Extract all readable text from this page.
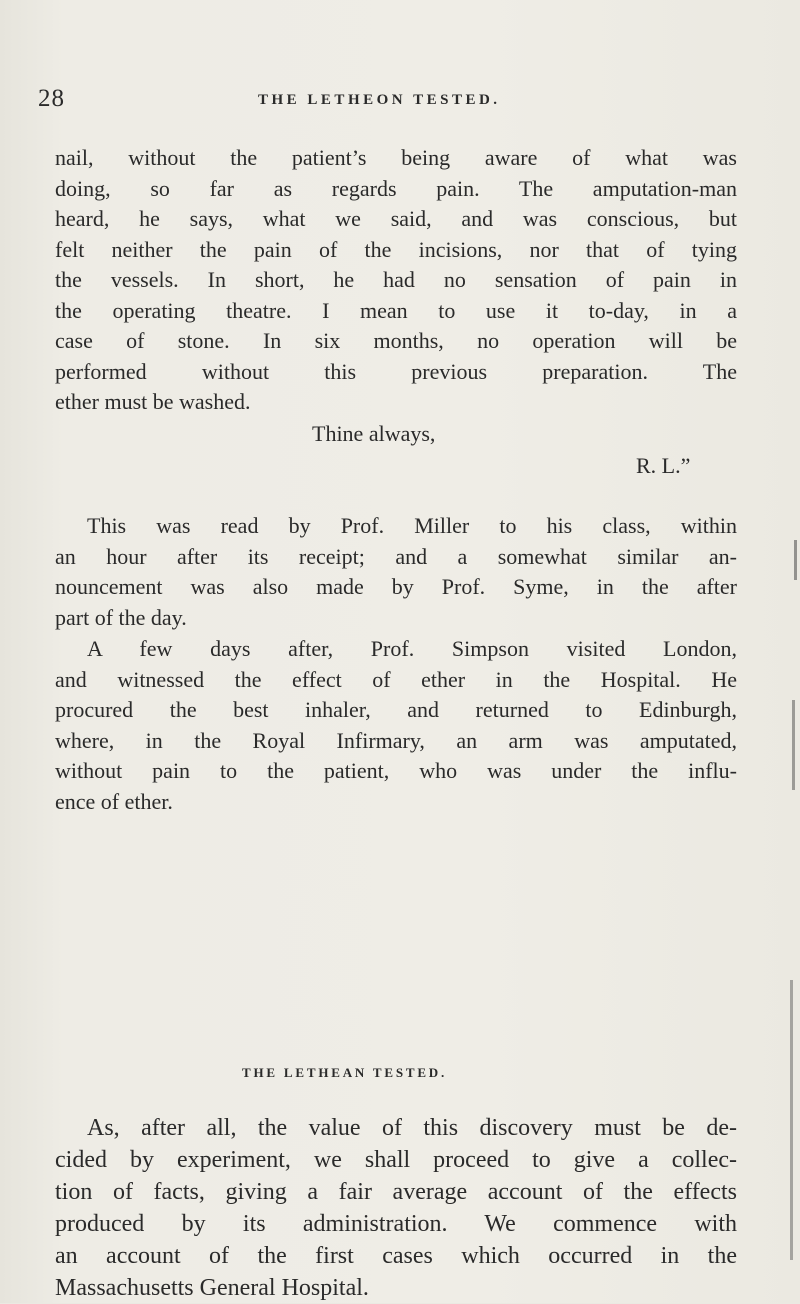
28	THE LETHEON TESTED.
nail, without the patient’s being aware of what was
doing, so far as regards pain. The amputation-man
heard, he says, what we said, and was conscious, but
felt neither the pain of the incisions, nor that of tying
the vessels. In short, he had no sensation of pain in
the operating theatre. I mean to use it to-day, in a
case of stone. In six months, no operation will be
performed without this previous preparation. The
ether must be washed.
Thine always,
R. L.”
This was read by Prof. Miller to his class, within
an hour after its receipt; and a somewhat similar an-
nouncement was also made by Prof. Syme, in the after
part of the day.
A few days after, Prof. Simpson visited London,
and witnessed the effect of ether in the Hospital. He
procured the best inhaler, and returned to Edinburgh,
where, in the Royal Infirmary, an arm was amputated,
without pain to the patient, who was under the influ-
ence of ether.
THE LETHEAN TESTED.
As, after all, the value of this discovery must be de-
cided by experiment, we shall proceed to give a collec-
tion of facts, giving a fair average account of the effects
produced by its administration. We commence with
an account of the first cases which occurred in the
Massachusetts General Hospital.
